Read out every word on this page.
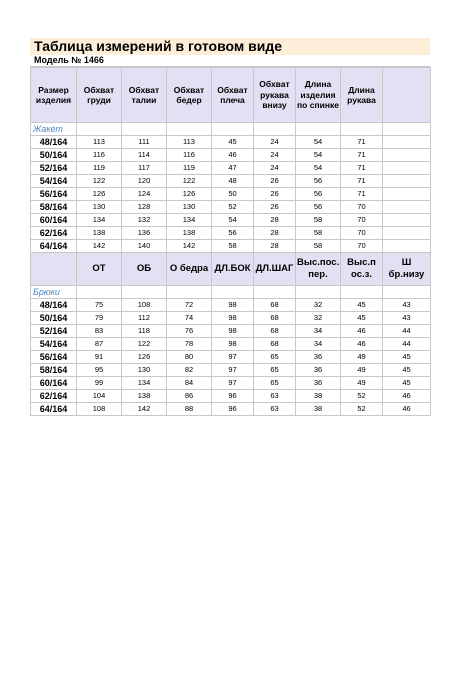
Таблица измерений в готовом виде
Модель № 1466
Размер изделия	Обхват груди	Обхват талии	Обхват бедер	Обхват плеча	Обхват рукава внизу	Длина изделия по спинке	Длина рукава	
Жакет								
48/164	113	111	113	45	24	54	71	
50/164	116	114	116	46	24	54	71	
52/164	119	117	119	47	24	54	71	
54/164	122	120	122	48	26	56	71	
56/164	126	124	126	50	26	56	71	
58/164	130	128	130	52	26	56	70	
60/164	134	132	134	54	28	58	70	
62/164	138	136	138	56	28	58	70	
64/164	142	140	142	58	28	58	70	
	ОТ	ОБ	О бедра	ДЛ.БОК	ДЛ.ШАГ	Выс.пос. пер.	Выс.п ос.з.	Ш бр.низу
Брюки								
48/164	75	108	72	98	68	32	45	43
50/164	79	112	74	98	68	32	45	43
52/164	83	118	76	98	68	34	46	44
54/164	87	122	78	98	68	34	46	44
56/164	91	126	80	97	65	36	49	45
58/164	95	130	82	97	65	36	49	45
60/164	99	134	84	97	65	36	49	45
62/164	104	138	86	96	63	38	52	46
64/164	108	142	88	96	63	38	52	46
